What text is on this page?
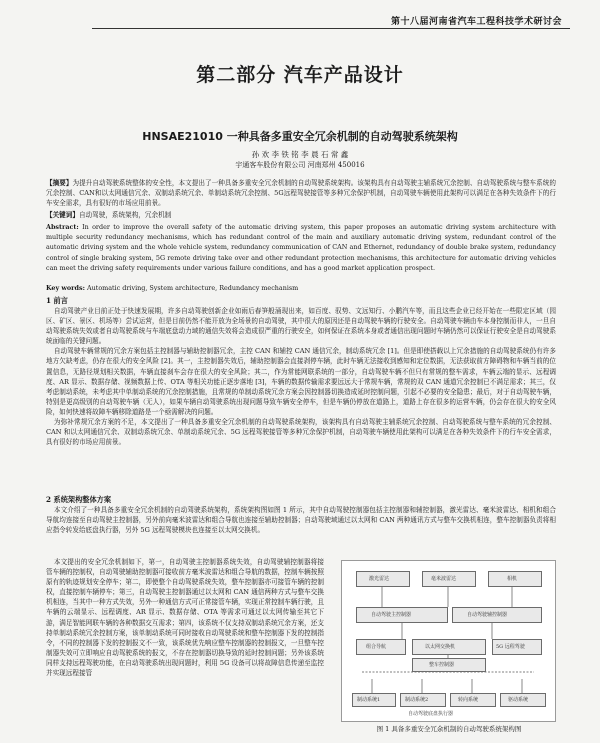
第十八届河南省汽车工程科技学术研讨会
第二部分 汽车产品设计
HNSAE21010 一种具备多重安全冗余机制的自动驾驶系统架构
孙 欢 李 铁 铭 李 晨 石 常 鑫
宇通客车股份有限公司 河南郑州 450016
【摘要】为提升自动驾驶系统整体的安全性，本文提出了一种具备多重安全冗余机制的自动驾驶系统架构。该架构具有自动驾驶主辅系统冗余控制、自动驾驶系统与整车系统的冗余控制、CAN和以太网通信冗余、双制动系统冗余、单制动系统冗余控制、5G远程驾驶接管等多种冗余保护机制，自动驾驶车辆使用此架构可以满足在各种失效条件下的行车安全需求，具有很好的市场应用前景。
【关键词】自动驾驶，系统架构，冗余机制
Abstract: In order to improve the overall safety of the automatic driving system, this paper proposes an automatic driving system architecture with multiple security redundancy mechanisms, which has redundant control of the main and auxiliary automatic driving system, redundant control of the automatic driving system and the whole vehicle system, redundancy communication of CAN and Ethernet, redundancy of double brake system, redundancy control of single braking system, 5G remote driving take over and other redundant protection mechanisms, this architecture for automatic driving vehicles can meet the driving safety requirements under various failure conditions, and has a good market application prospect.
Key words: Automatic driving, System architecture, Redundancy mechanism
1 前言

自动驾驶产业目前正处于快速发展期，许多自动驾驶创新企业如雨后春笋般涌现出来，如百度、驭势、文远知行、小鹏汽车等，而且这些企业已经开始在一些限定区域（园区、矿区、景区、机场等）尝试运营，但是目前仍然不能开放为全场景的自动驾驶，其中很大的原因还是自动驾驶车辆的行驶安全。自动驾驶车辆由车本身控制而非人，一旦自动驾驶系统失效或者自动驾驶系统与车端底盘动力域的通信失效将会造成很严重的行驶安全，如何保证在系统本身或者通信出现问题时车辆仍然可以保证行驶安全是自动驾驶系统面临的关键问题。

自动驾驶车辆常规的冗余方案包括主控制器与辅助控制器冗余，主控 CAN 和辅控 CAN 通信冗余，制动系统冗余 [1]。但是即使搭载以上冗余措施的自动驾驶系统仍有许多地方欠缺考虑，仍存在很大的安全风险 [2]。其一，主控制器失效后，辅助控制器会直接剥停车辆，此时车辆无法接收到感知和定位数据，无法获取前方障碍物和车辆当前的位置信息，无路径规划相关数据，车辆直接刹车会存在很大的安全风险；其二，作为常能网联系统的一部分，自动驾驶车辆不但只有常规的整车需求，车辆云端的显示、远程调度、AR 显示、数据存储、视频数据上传、OTA 等相关功能正逐步落地 [3]，车辆的数据传输需求要远远大于常规车辆，常规的双 CAN 通道冗余控制已不满足需求；其三，仅考虑制动系统，未考虑其中单制动系统的冗余控制措施，且常规的单制动系统冗余方案会因控制器切换造成延时控制问题，引起不必要的安全隐患；最后，对于自动驾驶车辆，特别是更高级别的自动驾驶车辆（无人），如果车辆自动驾驶系统出现问题导致车辆安全停车，但是车辆仍停放在道路上，道路上存在很多的运营车辆，仍会存在很大的安全风险，如何快速将故障车辆移除道路是一个亟需解决的问题。

为弥补常规冗余方案的不足，本文提出了一种具备多重安全冗余机制的自动驾驶系统架构，该架构具有自动驾驶主辅系统冗余控制、自动驾驶系统与整车系统的冗余控制、CAN 和以太网通信冗余、双制动系统冗余、单制动系统冗余、5G 远程驾驶接管等多种冗余保护机制，自动驾驶车辆使用此架构可以满足在各种失效条件下的行车安全需求，具有很好的市场应用前景。

2 系统架构整体方案

本文介绍了一种具备多重安全冗余机制的自动驾驶系统架构，系统架构图如图 1 所示，其中自动驾驶控制器包括主控制器和辅控制器，激光雷达、毫米波雷达、相机和组合导航均连接至自动驾驶主控制器，另外前向毫米波雷达和组合导航也连接至辅助控制器；自动驾驶域通过以太网和 CAN 两种通讯方式与整车交换机相连，整车控制器负责将相应指令转发给底盘执行器，另外 5G 远程驾驶模块也连接至以太网交换机。

本文提出的安全冗余机制如下，第一，自动驾驶主控制器系统失效，自动驾驶辅控制器将接管车辆的控制权，自动驾驶辅助控制器可接收前方毫米波雷达和组合导航的数据，控制车辆按照原有的轨迹规划安全停车；第二，即使整个自动驾驶系统失效，整车控制器亦可接管车辆的控制权，直接控制车辆停车；第三，自动驾驶主控制器通过以太网和 CAN 通信两种方式与整车交换机相连，当其中一种方式失效，另外一种通信方式可正常接管车辆，实现正常控制车辆行驶，且车辆的云端显示、远程调度、AR 显示、数据存储、OTA 等需求可通过以太网传输至其它下游，满足智能网联车辆的各种数据交互需求；第四，该系统不仅支持双制动系统冗余方案，还支持单制动系统冗余控制方案，该单制动系统可同时接收自动驾驶系统和整车控制器下发的控制指令，不同的控制器下发的控制报文不一致，该系统优先响应整车控制器的控制报文，一旦整车控制器失效可立即响应自动驾驶系统的报文，不存在控制器切换导致的延时控制问题；另外该系统同样支持远程驾驶功能，在自动驾驶系统出现问题时，利用 5G 设备可以将故障信息传递至监控并实现远程接管

激光雷达	毫米波雷达	相机
自动驾驶主控制器	自动驾驶辅控制器
组合导航	以太网交换机	5G 远程驾驶
整车控制器
制动系统1	制动系统2	转向系统	驱动系统
自动驾驶底盘执行器
图 1 具备多重安全冗余机制的自动驾驶系统架构图
